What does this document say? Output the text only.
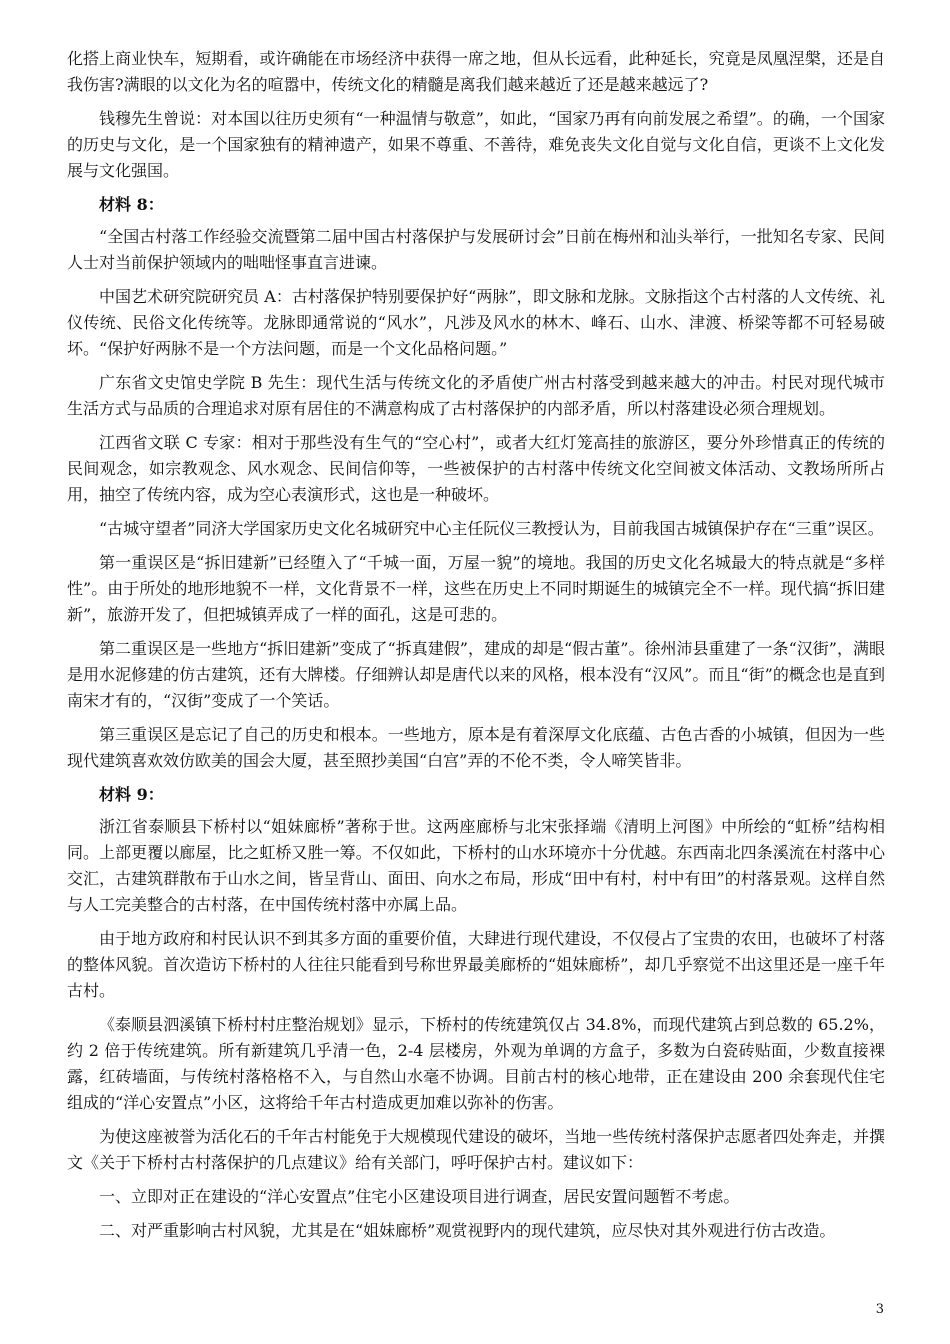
化搭上商业快车，短期看，或许确能在市场经济中获得一席之地，但从长远看，此种延长，究竟是凤凰涅槃，还是自我伤害?满眼的以文化为名的喧嚣中，传统文化的精髓是离我们越来越近了还是越来越远了?

钱穆先生曾说：对本国以往历史须有“一种温情与敬意”，如此，“国家乃再有向前发展之希望”。的确，一个国家的历史与文化，是一个国家独有的精神遗产，如果不尊重、不善待，难免丧失文化自觉与文化自信，更谈不上文化发展与文化强国。

材料 8：

“全国古村落工作经验交流暨第二届中国古村落保护与发展研讨会”日前在梅州和汕头举行，一批知名专家、民间人士对当前保护领域内的咄咄怪事直言进谏。

中国艺术研究院研究员 A：古村落保护特别要保护好“两脉”，即文脉和龙脉。文脉指这个古村落的人文传统、礼仪传统、民俗文化传统等。龙脉即通常说的“风水”，凡涉及风水的林木、峰石、山水、津渡、桥梁等都不可轻易破坏。“保护好两脉不是一个方法问题，而是一个文化品格问题。”

广东省文史馆史学院 B 先生：现代生活与传统文化的矛盾使广州古村落受到越来越大的冲击。村民对现代城市生活方式与品质的合理追求对原有居住的不满意构成了古村落保护的内部矛盾，所以村落建设必须合理规划。

江西省文联 C 专家：相对于那些没有生气的“空心村”，或者大红灯笼高挂的旅游区，要分外珍惜真正的传统的民间观念，如宗教观念、风水观念、民间信仰等，一些被保护的古村落中传统文化空间被文体活动、文教场所所占用，抽空了传统内容，成为空心表演形式，这也是一种破坏。

“古城守望者”同济大学国家历史文化名城研究中心主任阮仪三教授认为，目前我国古城镇保护存在“三重”误区。

第一重误区是“拆旧建新”已经堕入了“千城一面，万屋一貌”的境地。我国的历史文化名城最大的特点就是“多样性”。由于所处的地形地貌不一样，文化背景不一样，这些在历史上不同时期诞生的城镇完全不一样。现代搞“拆旧建新”，旅游开发了，但把城镇弄成了一样的面孔，这是可悲的。

第二重误区是一些地方“拆旧建新”变成了“拆真建假”，建成的却是“假古董”。徐州沛县重建了一条“汉街”，满眼是用水泥修建的仿古建筑，还有大牌楼。仔细辨认却是唐代以来的风格，根本没有“汉风”。而且“街”的概念也是直到南宋才有的，“汉街”变成了一个笑话。

第三重误区是忘记了自己的历史和根本。一些地方，原本是有着深厚文化底蕴、古色古香的小城镇，但因为一些现代建筑喜欢效仿欧美的国会大厦，甚至照抄美国“白宫”弄的不伦不类，令人啼笑皆非。

材料 9：

浙江省泰顺县下桥村以“姐妹廊桥”著称于世。这两座廊桥与北宋张择端《清明上河图》中所绘的“虹桥”结构相同。上部更覆以廊屋，比之虹桥又胜一筹。不仅如此，下桥村的山水环境亦十分优越。东西南北四条溪流在村落中心交汇，古建筑群散布于山水之间，皆呈背山、面田、向水之布局，形成“田中有村，村中有田”的村落景观。这样自然与人工完美整合的古村落，在中国传统村落中亦属上品。

由于地方政府和村民认识不到其多方面的重要价值，大肆进行现代建设，不仅侵占了宝贵的农田，也破坏了村落的整体风貌。首次造访下桥村的人往往只能看到号称世界最美廊桥的“姐妹廊桥”，却几乎察觉不出这里还是一座千年古村。

《泰顺县泗溪镇下桥村村庄整治规划》显示，下桥村的传统建筑仅占 34.8%，而现代建筑占到总数的 65.2%，约 2 倍于传统建筑。所有新建筑几乎清一色，2-4 层楼房，外观为单调的方盒子，多数为白瓷砖贴面，少数直接裸露，红砖墙面，与传统村落格格不入，与自然山水毫不协调。目前古村的核心地带，正在建设由 200 余套现代住宅组成的“洋心安置点”小区，这将给千年古村造成更加难以弥补的伤害。

为使这座被誉为活化石的千年古村能免于大规模现代建设的破坏，当地一些传统村落保护志愿者四处奔走，并撰文《关于下桥村古村落保护的几点建议》给有关部门，呼吁保护古村。建议如下：

一、立即对正在建设的“洋心安置点”住宅小区建设项目进行调查，居民安置问题暂不考虑。

二、对严重影响古村风貌，尤其是在“姐妹廊桥”观赏视野内的现代建筑，应尽快对其外观进行仿古改造。

3
